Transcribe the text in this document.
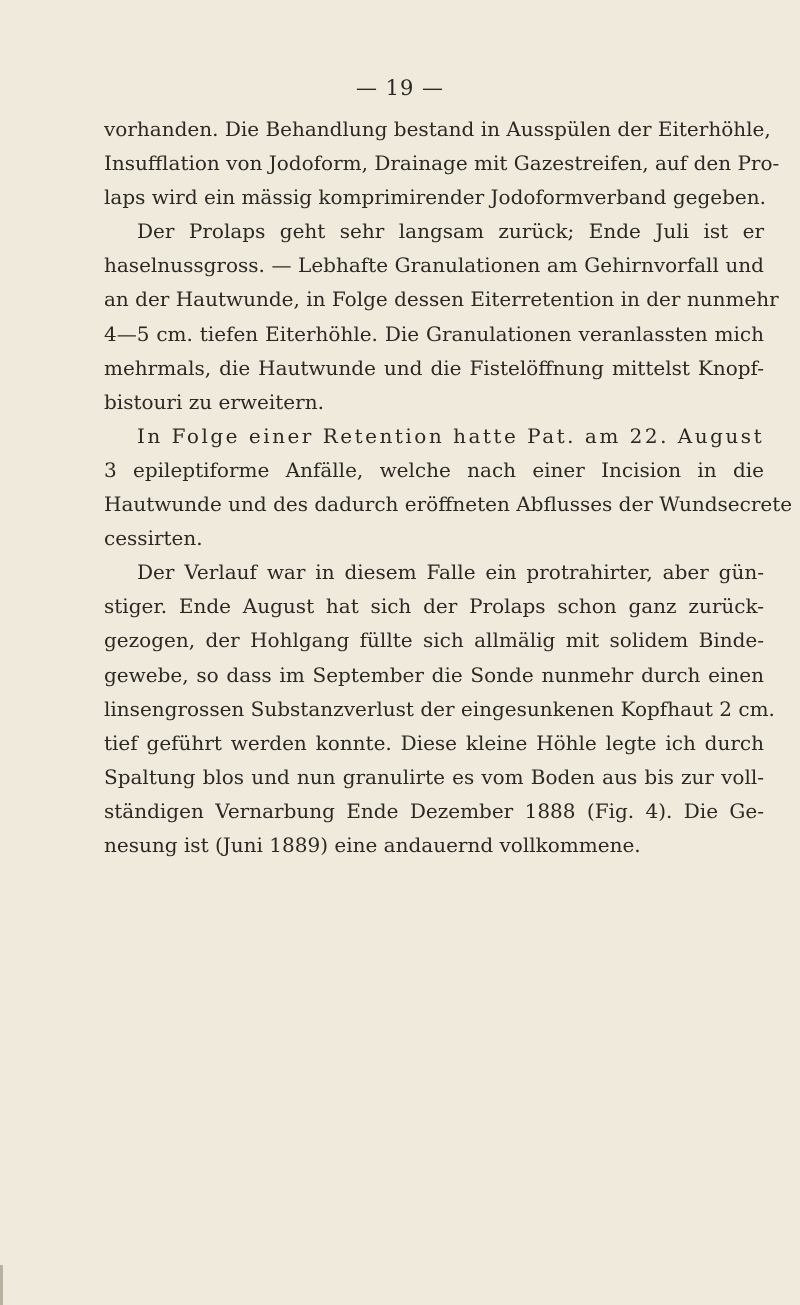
— 19 —
vorhanden. Die Behandlung bestand in Ausspülen der Eiterhöhle,
Insufflation von Jodoform, Drainage mit Gazestreifen, auf den Pro-
laps wird ein mässig komprimirender Jodoformverband gegeben.
Der Prolaps geht sehr langsam zurück; Ende Juli ist er
haselnussgross. — Lebhafte Granulationen am Gehirnvorfall und
an der Hautwunde, in Folge dessen Eiterretention in der nunmehr
4—5 cm. tiefen Eiterhöhle. Die Granulationen veranlassten mich
mehrmals, die Hautwunde und die Fistelöffnung mittelst Knopf-
bistouri zu erweitern.
In Folge einer Retention hatte Pat. am 22. August
3 epileptiforme Anfälle, welche nach einer Incision in die
Hautwunde und des dadurch eröffneten Abflusses der Wundsecrete
cessirten.
Der Verlauf war in diesem Falle ein protrahirter, aber gün-
stiger. Ende August hat sich der Prolaps schon ganz zurück-
gezogen, der Hohlgang füllte sich allmälig mit solidem Binde-
gewebe, so dass im September die Sonde nunmehr durch einen
linsengrossen Substanzverlust der eingesunkenen Kopfhaut 2 cm.
tief geführt werden konnte. Diese kleine Höhle legte ich durch
Spaltung blos und nun granulirte es vom Boden aus bis zur voll-
ständigen Vernarbung Ende Dezember 1888 (Fig. 4). Die Ge-
nesung ist (Juni 1889) eine andauernd vollkommene.
